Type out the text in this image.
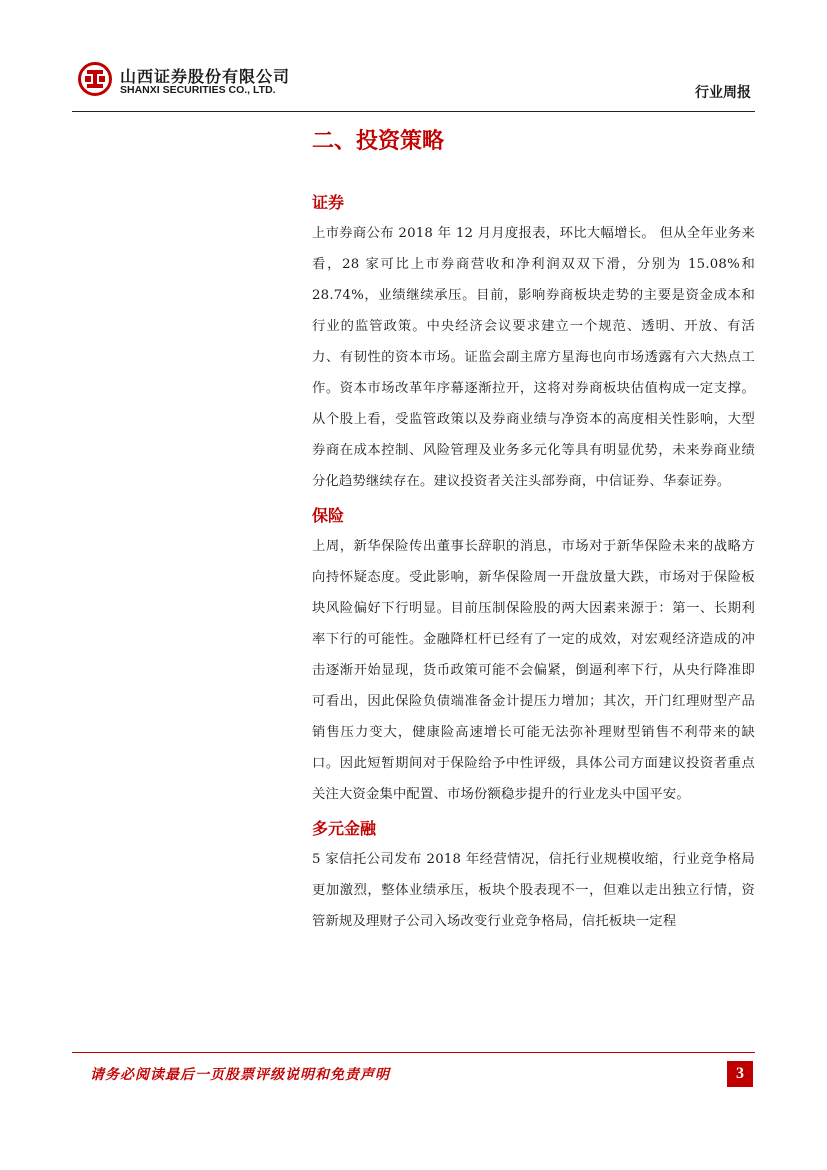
山西证券股份有限公司
SHANXI SECURITIES CO., LTD.	行业周报
二、投资策略
证券

上市券商公布 2018 年 12 月月度报表，环比大幅增长。 但从全年业务来看，28 家可比上市券商营收和净利润双双下滑，分别为 15.08%和 28.74%，业绩继续承压。目前，影响券商板块走势的主要是资金成本和行业的监管政策。中央经济会议要求建立一个规范、透明、开放、有活力、有韧性的资本市场。证监会副主席方星海也向市场透露有六大热点工作。资本市场改革年序幕逐渐拉开，这将对券商板块估值构成一定支撑。从个股上看，受监管政策以及券商业绩与净资本的高度相关性影响，大型券商在成本控制、风险管理及业务多元化等具有明显优势，未来券商业绩分化趋势继续存在。建议投资者关注头部券商，中信证券、华泰证券。

保险

上周，新华保险传出董事长辞职的消息，市场对于新华保险未来的战略方向持怀疑态度。受此影响，新华保险周一开盘放量大跌，市场对于保险板块风险偏好下行明显。目前压制保险股的两大因素来源于：第一、长期利率下行的可能性。金融降杠杆已经有了一定的成效，对宏观经济造成的冲击逐渐开始显现，货币政策可能不会偏紧，倒逼利率下行，从央行降准即可看出，因此保险负债端准备金计提压力增加；其次，开门红理财型产品销售压力变大，健康险高速增长可能无法弥补理财型销售不利带来的缺口。因此短暂期间对于保险给予中性评级，具体公司方面建议投资者重点关注大资金集中配置、市场份额稳步提升的行业龙头中国平安。

多元金融

5 家信托公司发布 2018 年经营情况，信托行业规模收缩，行业竞争格局更加激烈，整体业绩承压，板块个股表现不一，但难以走出独立行情，资管新规及理财子公司入场改变行业竞争格局，信托板块一定程

请务必阅读最后一页股票评级说明和免责声明	3
